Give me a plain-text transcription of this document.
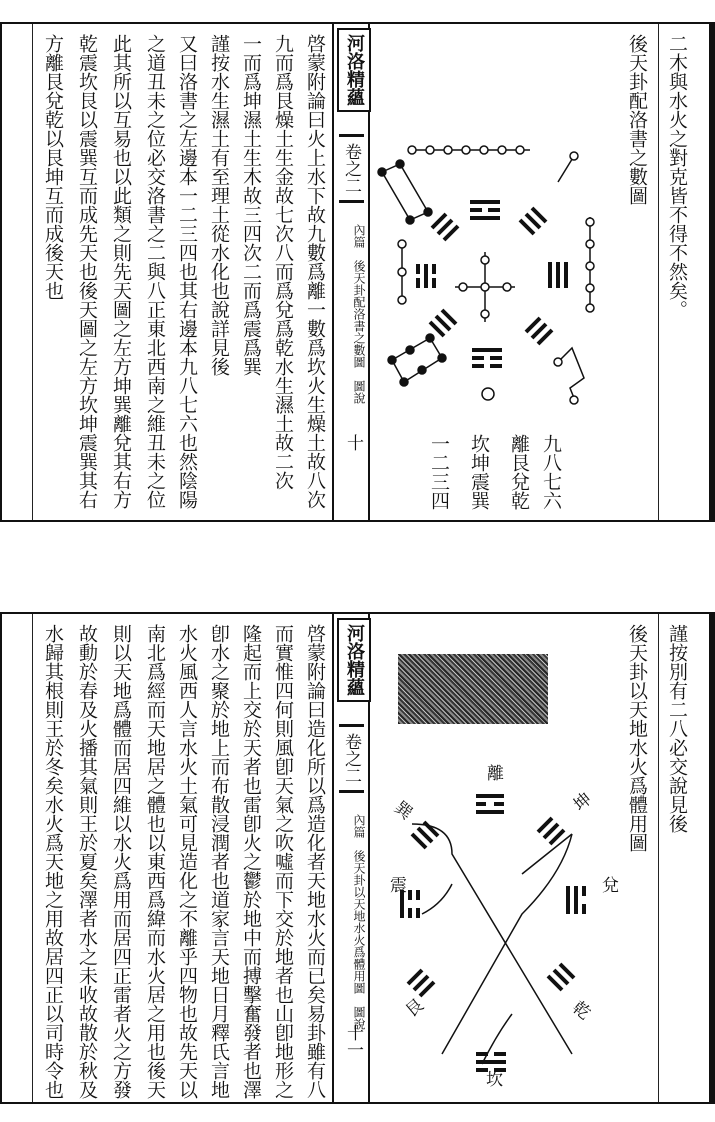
二木與水火之對克皆不得不然矣。
後天卦配洛書之數圖
九八七六
離艮兌乾
坎坤震巽
一二三四
河洛精蘊
卷之二
內篇　後天卦配洛書之數圖　圖說
十
啓蒙附論曰火上水下故九數爲離一數爲坎火生燥土故八次
九而爲艮燥土生金故七次八而爲兌爲乾水生濕土故二次
一而爲坤濕土生木故三四次二而爲震爲巽
謹按水生濕土有至理土從水化也說詳見後
又曰洛書之左邊本一二三四也其右邊本九八七六也然陰陽
之道丑未之位必交洛書之二與八正東北西南之維丑未之位
此其所以互易也以此類之則先天圖之左方坤巽離兌其右方
乾震坎艮以震巽互而成先天也後天圖之左方坎坤震巽其右
方離艮兌乾以艮坤互而成後天也
謹按別有二八必交說見後
後天卦以天地水火爲體用圖
離
坤
巽
震	兌
艮	乾
坎
河洛精蘊
卷之二
內篇　後天卦以天地水火爲體用圖　圖說
十一
啓蒙附論曰造化所以爲造化者天地水火而已矣易卦雖有八
而實惟四何則風卽天氣之吹噓而下交於地者也山卽地形之
隆起而上交於天者也雷卽火之鬱於地中而搏擊奮發者也澤
卽水之聚於地上而布散浸潤者也道家言天地日月釋氏言地
水火風西人言水火土氣可見造化之不離乎四物也故先天以
南北爲經而天地居之體也以東西爲緯而水火居之用也後天
則以天地爲體而居四維以水火爲用而居四正雷者火之方發
故動於春及火播其氣則王於夏矣澤者水之未收故散於秋及
水歸其根則王於冬矣水火爲天地之用故居四正以司時令也
